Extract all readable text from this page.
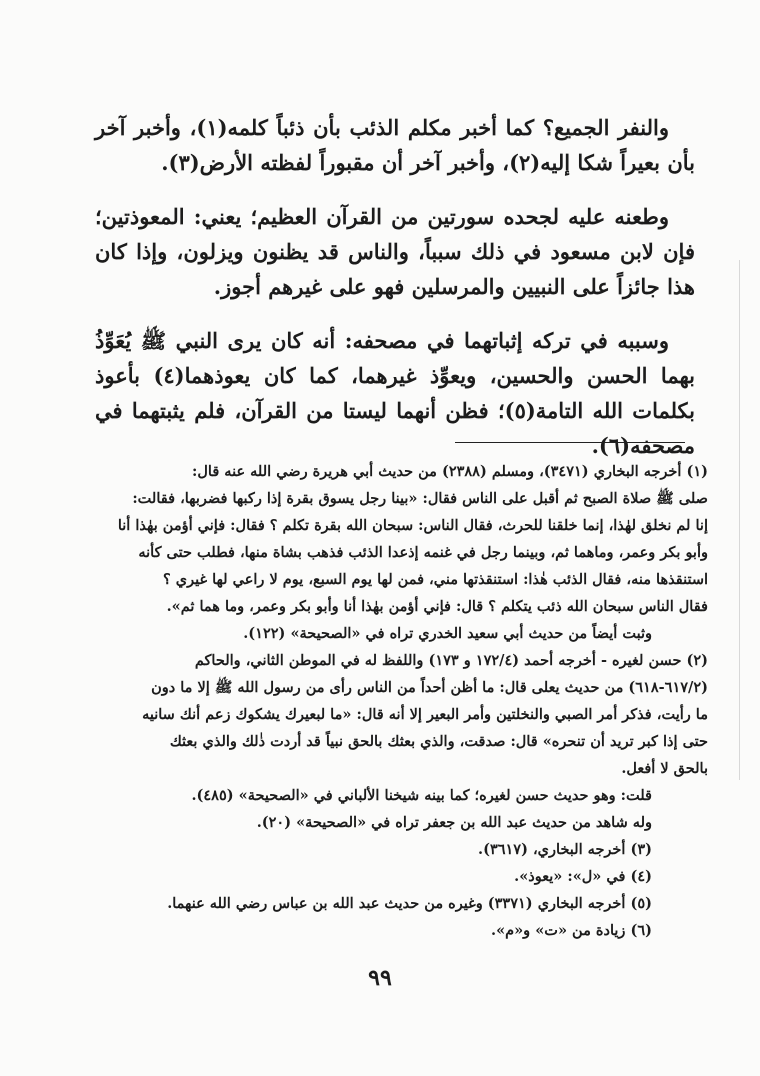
والنفر الجميع؟ كما أخبر مكلم الذئب بأن ذئباً كلمه(١)، وأخبر آخر بأن بعيراً شكا إليه(٢)، وأخبر آخر أن مقبوراً لفظته الأرض(٣).

وطعنه عليه لجحده سورتين من القرآن العظيم؛ يعني: المعوذتين؛ فإن لابن مسعود في ذلك سبباً، والناس قد يظنون ويزلون، وإذا كان هذا جائزاً على النبيين والمرسلين فهو على غيرهم أجوز.

وسببه في تركه إثباتهما في مصحفه: أنه كان يرى النبي ﷺ يُعَوِّذُ بهما الحسن والحسين، ويعوِّذ غيرهما، كما كان يعوذهما(٤) بأعوذ بكلمات الله التامة(٥)؛ فظن أنهما ليستا من القرآن، فلم يثبتهما في مصحفه(٦).

(١) أخرجه البخاري (٣٤٧١)، ومسلم (٢٣٨٨) من حديث أبي هريرة رضي الله عنه قال:

صلى ﷺ صلاة الصبح ثم أقبل على الناس فقال: «بينا رجل يسوق بقرة إذا ركبها فضربها، فقالت:

إنا لم نخلق لهٰذا، إنما خلقنا للحرث، فقال الناس: سبحان الله بقرة تكلم ؟ فقال: فإني أؤمن بهٰذا أنا

وأبو بكر وعمر، وماهما ثم، وبينما رجل في غنمه إذعدا الذئب فذهب بشاة منها، فطلب حتى كأنه

استنقذها منه، فقال الذئب هٰذا: استنقذتها مني، فمن لها يوم السبع، يوم لا راعي لها غيري ؟

فقال الناس سبحان الله ذئب يتكلم ؟ قال: فإني أؤمن بهٰذا أنا وأبو بكر وعمر، وما هما ثم».

وثبت أيضاً من حديث أبي سعيد الخدري تراه في «الصحيحة» (١٢٢).

(٢) حسن لغيره - أخرجه أحمد (١٧٢/٤ و ١٧٣) واللفظ له في الموطن الثاني، والحاكم

(٦١٧/٢-٦١٨) من حديث يعلى قال: ما أظن أحداً من الناس رأى من رسول الله ﷺ إلا ما دون

ما رأيت، فذكر أمر الصبي والنخلتين وأمر البعير إلا أنه قال: «ما لبعيرك يشكوك زعم أنك سانيه

حتى إذا كبر تريد أن تنحره» قال: صدقت، والذي بعثك بالحق نبياً قد أردت ذٰلك والذي بعثك

بالحق لا أفعل.

قلت: وهو حديث حسن لغيره؛ كما بينه شيخنا الألباني في «الصحيحة» (٤٨٥).

وله شاهد من حديث عبد الله بن جعفر تراه في «الصحيحة» (٢٠).

(٣) أخرجه البخاري، (٣٦١٧).

(٤) في «ل»: «يعوذ».

(٥) أخرجه البخاري (٣٣٧١) وغيره من حديث عبد الله بن عباس رضي الله عنهما.

(٦) زيادة من «ت» و«م».

٩٩
